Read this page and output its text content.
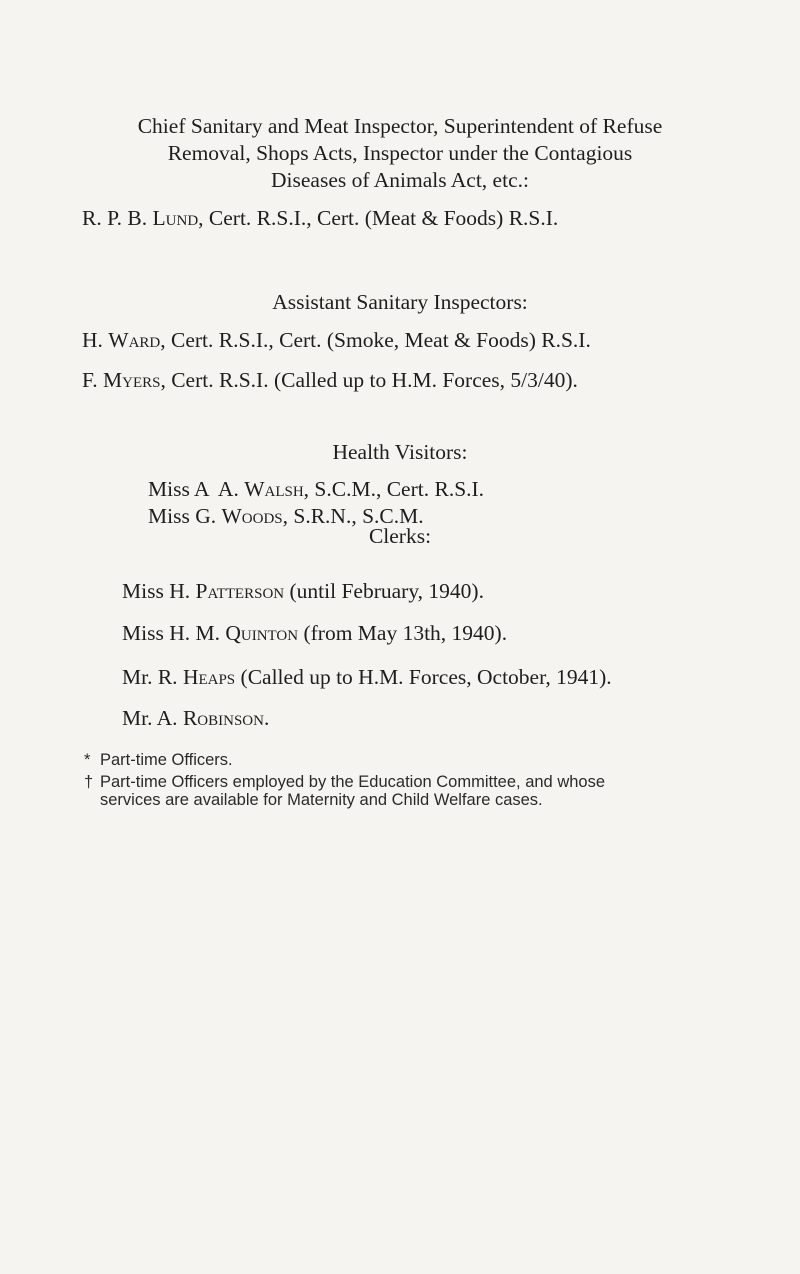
Chief Sanitary and Meat Inspector, Superintendent of Refuse
Removal, Shops Acts, Inspector under the Contagious
Diseases of Animals Act, etc.:
R. P. B. Lund, Cert. R.S.I., Cert. (Meat & Foods) R.S.I.
Assistant Sanitary Inspectors:
H. Ward, Cert. R.S.I., Cert. (Smoke, Meat & Foods) R.S.I.
F. Myers, Cert. R.S.I. (Called up to H.M. Forces, 5/3/40).
Health Visitors:
Miss A  A. Walsh, S.C.M., Cert. R.S.I.
Miss G. Woods, S.R.N., S.C.M.
Clerks:
Miss H. Patterson (until February, 1940).
Miss H. M. Quinton (from May 13th, 1940).
Mr. R. Heaps (Called up to H.M. Forces, October, 1941).
Mr. A. Robinson.
* Part-time Officers.
† Part-time Officers employed by the Education Committee, and whose
services are available for Maternity and Child Welfare cases.
